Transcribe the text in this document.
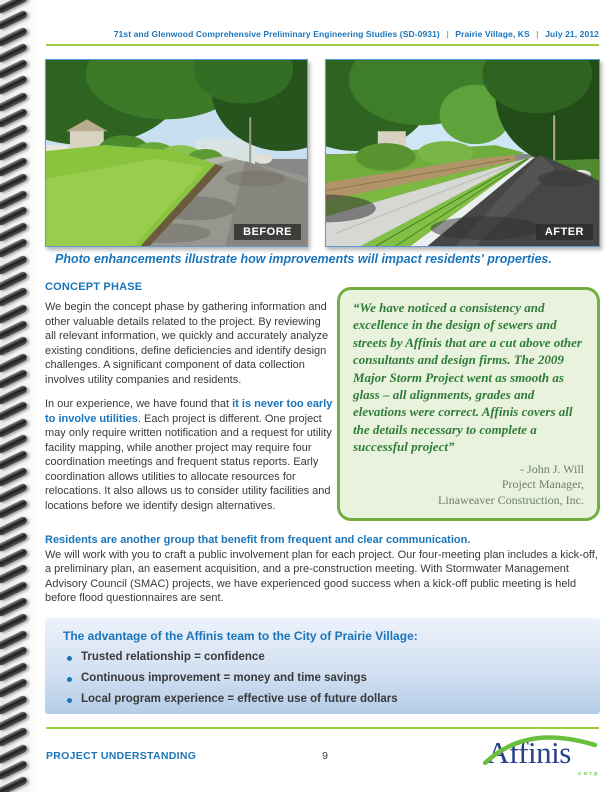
71st and Glenwood Comprehensive Preliminary Engineering Studies (SD-0931) | Prairie Village, KS | July 21, 2012
BEFORE	AFTER
Photo enhancements illustrate how improvements will impact residents' properties.
CONCEPT PHASE

We begin the concept phase by gathering information and other valuable details related to the project. By reviewing all relevant information, we quickly and accurately analyze existing conditions, define deficiencies and identify design challenges. A significant component of data collection involves utility companies and residents.

In our experience, we have found that it is never too early to involve utilities. Each project is different. One project may only require written notification and a request for utility facility mapping, while another project may require four coordination meetings and frequent status reports. Early coordination allows utilities to allocate resources for relocations. It also allows us to consider utility facilities and locations before we identify design alternatives.

“We have noticed a consistency and excellence in the design of sewers and streets by Affinis that are a cut above other consultants and design firms. The 2009 Major Storm Project went as smooth as glass – all alignments, grades and elevations were correct. Affinis covers all the details necessary to complete a successful project”
- John J. Will
Project Manager,
Linaweaver Construction, Inc.
Residents are another group that benefit from frequent and clear communication.
We will work with you to craft a public involvement plan for each project. Our four-meeting plan includes a kick-off, a preliminary plan, an easement acquisition, and a pre-construction meeting. With Stormwater Management Advisory Council (SMAC) projects, we have experienced good success when a kick-off public meeting is held before flood questionnaires are sent.
The advantage of the Affinis team to the City of Prairie Village:
Trusted relationship = confidence
Continuous improvement = money and time savings
Local program experience = effective use of future dollars
PROJECT UNDERSTANDING	9	Affinis
corp
